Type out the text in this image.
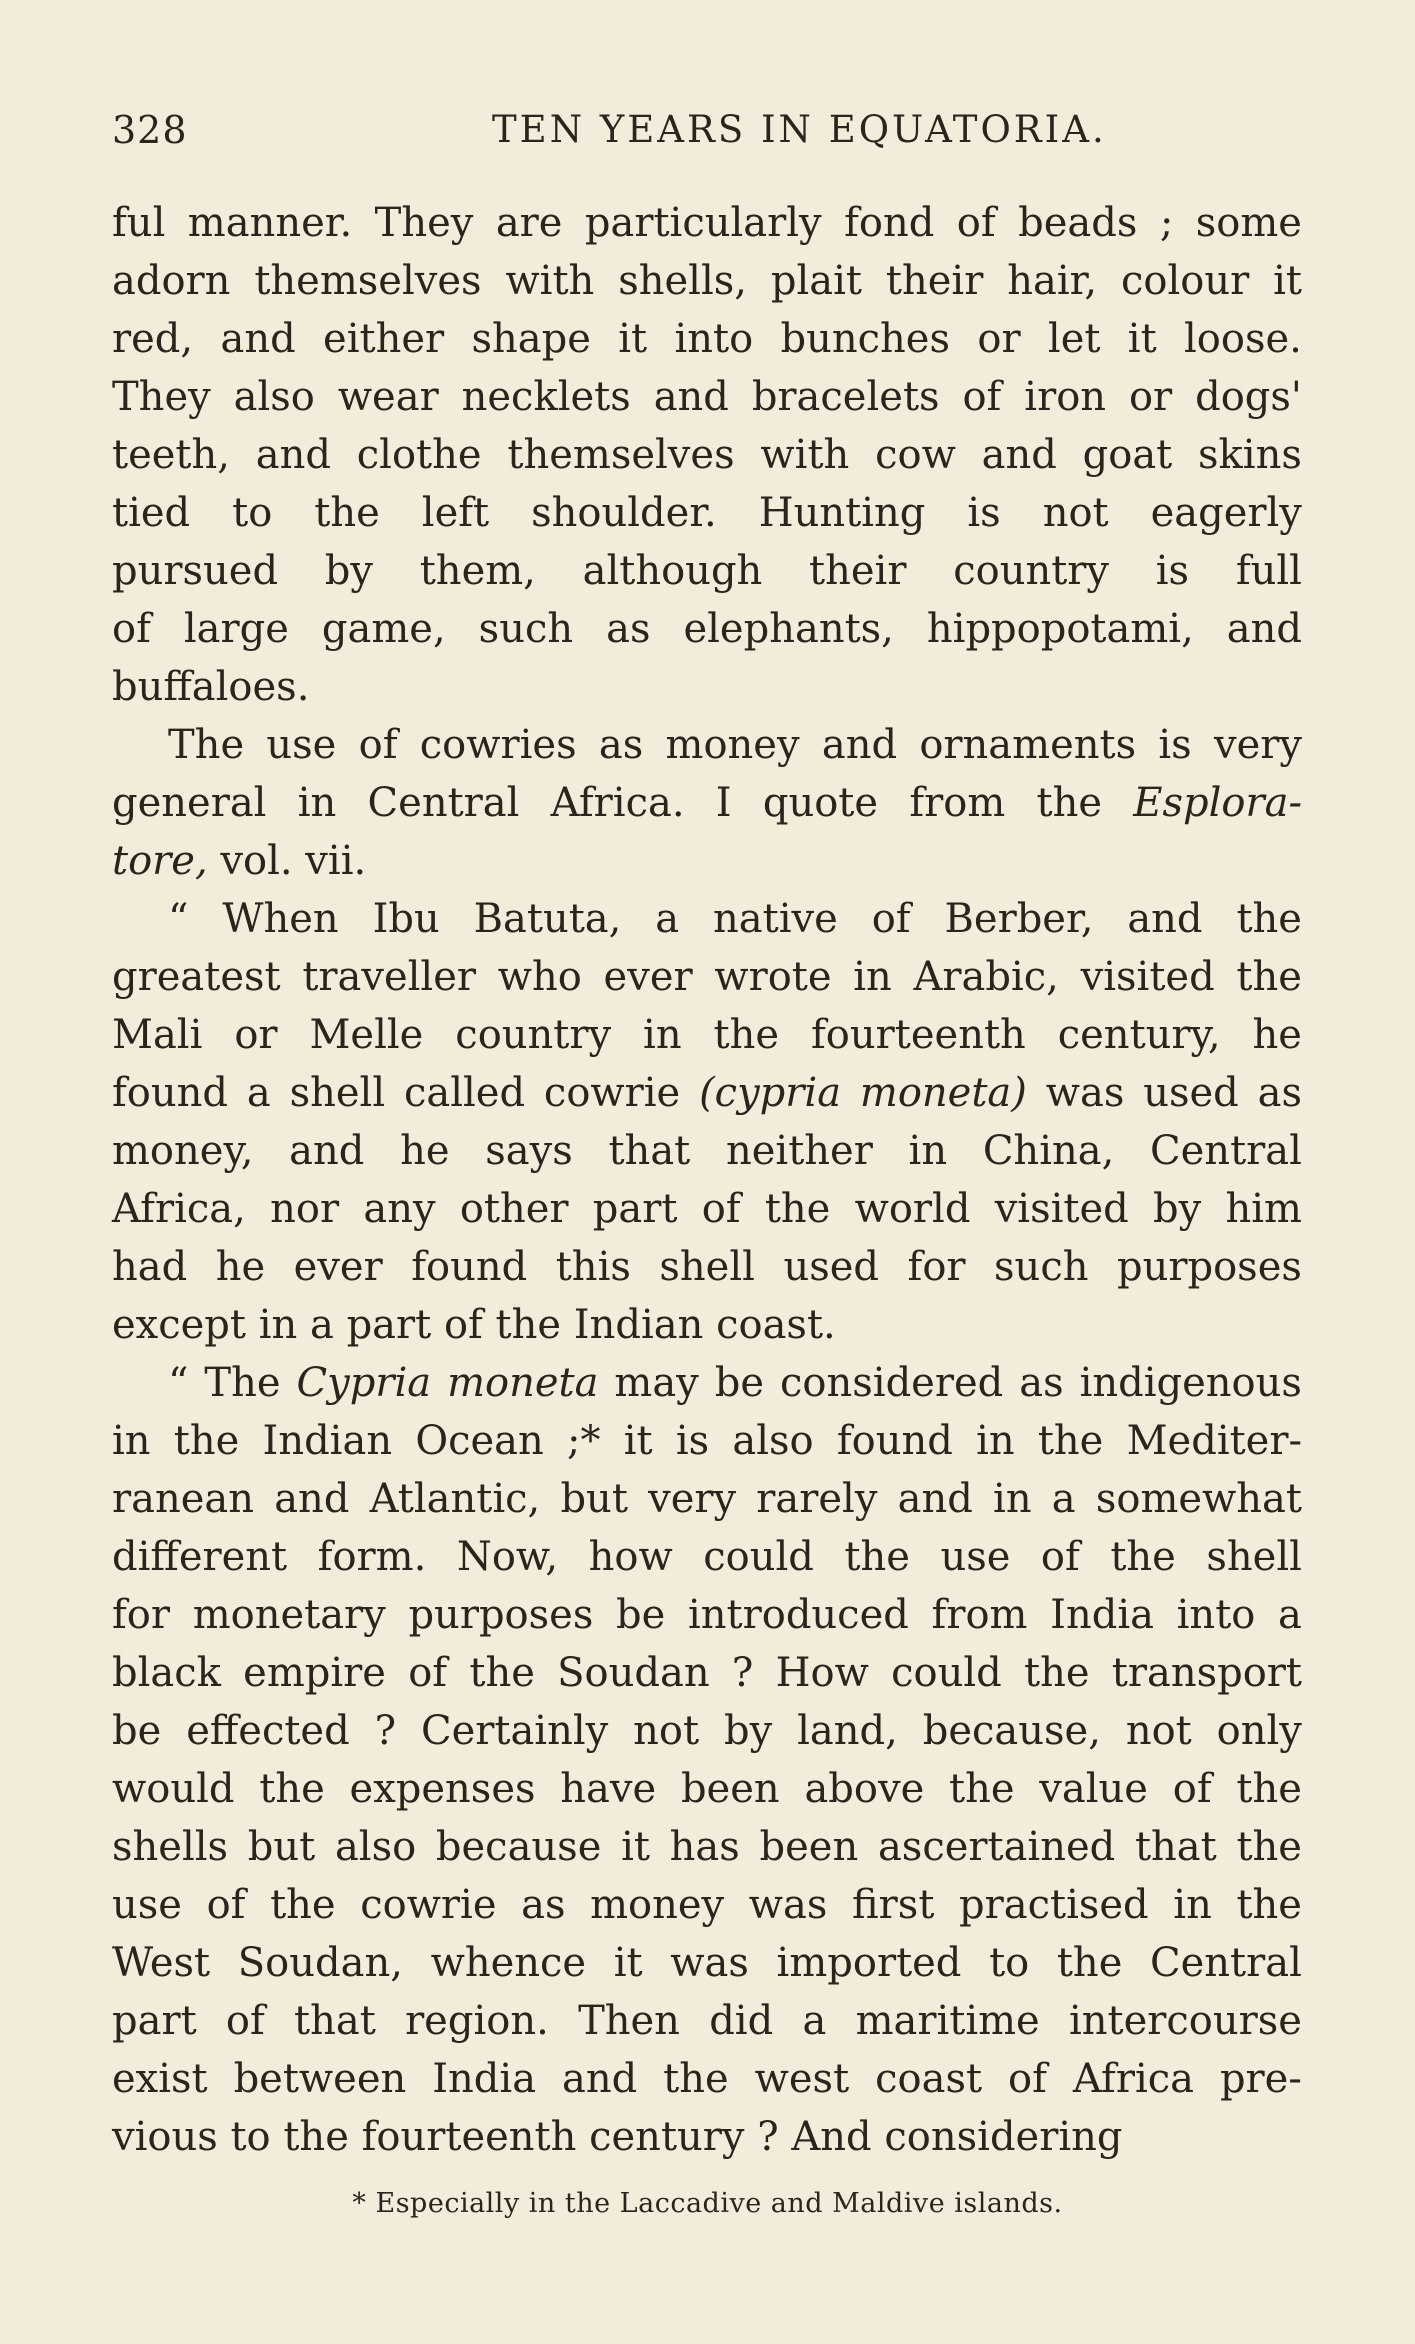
328	TEN YEARS IN EQUATORIA.
ful manner. They are particularly fond of beads ; some
adorn themselves with shells, plait their hair, colour it
red, and either shape it into bunches or let it loose.
They also wear necklets and bracelets of iron or dogs'
teeth, and clothe themselves with cow and goat skins
tied to the left shoulder. Hunting is not eagerly
pursued by them, although their country is full
of large game, such as elephants, hippopotami, and
buffaloes.
The use of cowries as money and ornaments is very
general in Central Africa. I quote from the Esplora-
tore,
vol.
vii.
“ When Ibu Batuta, a native of Berber, and the
greatest traveller who ever wrote in Arabic, visited the
Mali or Melle country in the fourteenth century, he
found a shell called cowrie (cypria moneta) was used as
money, and he says that neither in China, Central
Africa, nor any other part of the world visited by him
had he ever found this shell used for such purposes
except
in
a
part
of
the
Indian
coast.
“ The Cypria moneta may be considered as indigenous
in the Indian Ocean ;* it is also found in the Mediter-
ranean and Atlantic, but very rarely and in a somewhat
different form. Now, how could the use of the shell
for monetary purposes be introduced from India into a
black empire of the Soudan ? How could the transport
be effected ? Certainly not by land, because, not only
would the expenses have been above the value of the
shells but also because it has been ascertained that the
use of the cowrie as money was first practised in the
West Soudan, whence it was imported to the Central
part of that region. Then did a maritime intercourse
exist between India and the west coast of Africa pre-
vious
to
the
fourteenth
century
?
And
considering
* Especially in the Laccadive and Maldive islands.
